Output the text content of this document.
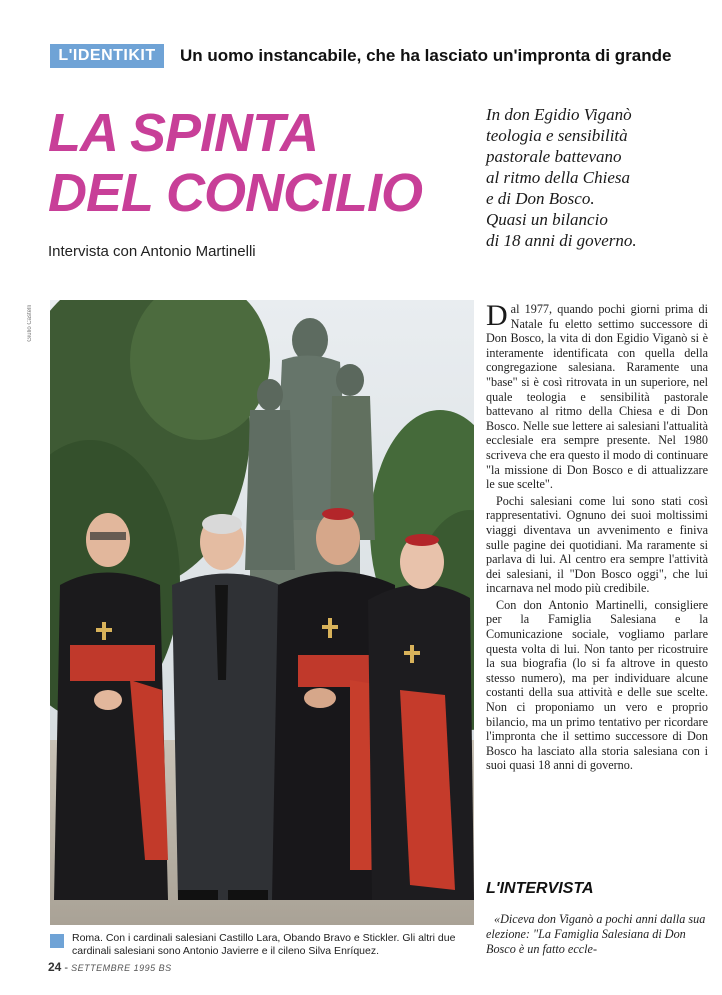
L'IDENTIKIT	Un uomo instancabile, che ha lasciato un'impronta di grande
LA SPINTA
DEL CONCILIO
Intervista con Antonio Martinelli
In don Egidio Viganò
teologia e sensibilità
pastorale battevano
al ritmo della Chiesa
e di Don Bosco.
Quasi un bilancio
di 18 anni di governo.
Giulio Castelli
Roma. Con i cardinali salesiani Castillo Lara, Obando Bravo e Stickler. Gli altri due cardinali salesiani sono Antonio Javierre e il cileno Silva Enríquez.
24 - SETTEMBRE 1995 BS

Dal 1977, quando pochi giorni prima di Natale fu eletto settimo successore di Don Bosco, la vita di don Egidio Viganò si è interamente identificata con quella della congregazione salesiana. Raramente una "base" si è così ritrovata in un superiore, nel quale teologia e sensibilità pastorale battevano al ritmo della Chiesa e di Don Bosco. Nelle sue lettere ai salesiani l'attualità ecclesiale era sempre presente. Nel 1980 scriveva che era questo il modo di continuare "la missione di Don Bosco e di attualizzare le sue scelte".

Pochi salesiani come lui sono stati così rappresentativi. Ognuno dei suoi moltissimi viaggi diventava un avvenimento e finiva sulle pagine dei quotidiani. Ma raramente si parlava di lui. Al centro era sempre l'attività dei salesiani, il "Don Bosco oggi", che lui incarnava nel modo più credibile.

Con don Antonio Martinelli, consigliere per la Famiglia Salesiana e la Comunicazione sociale, vogliamo parlare questa volta di lui. Non tanto per ricostruire la sua biografia (lo si fa altrove in questo stesso numero), ma per individuare alcune costanti della sua attività e delle sue scelte. Non ci proponiamo un vero e proprio bilancio, ma un primo tentativo per ricordare l'impronta che il settimo successore di Don Bosco ha lasciato alla storia salesiana con i suoi quasi 18 anni di governo.

L'INTERVISTA
«Diceva don Viganò a pochi anni dalla sua elezione: "La Famiglia Salesiana di Don Bosco è un fatto eccle-
